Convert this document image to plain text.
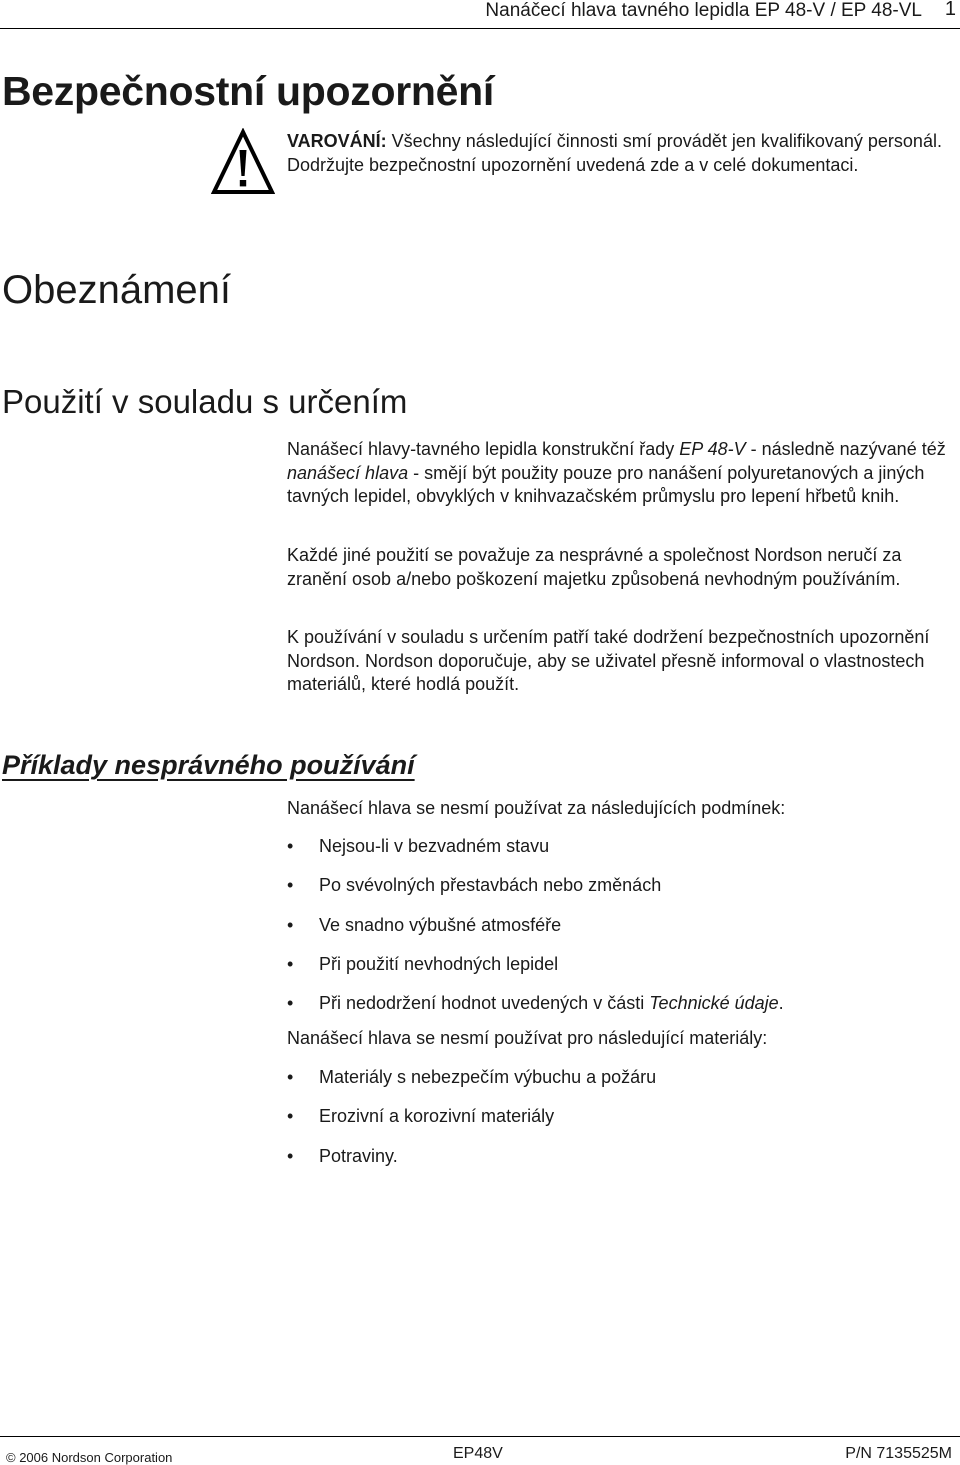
Nanáčecí hlava tavného lepidla EP 48-V / EP 48-VL 1
Bezpečnostní upozornění
VAROVÁNÍ: Všechny následující činnosti smí provádět jen kvalifikovaný personál. Dodržujte bezpečnostní upozornění uvedená zde a v celé dokumentaci.
Obeznámení
Použití v souladu s určením
Nanášecí hlavy-tavného lepidla konstrukční řady EP 48-V - následně nazývané též nanášecí hlava - smějí být použity pouze pro nanášení polyuretanových a jiných tavných lepidel, obvyklých v knihvazačském průmyslu pro lepení hřbetů knih.
Každé jiné použití se považuje za nesprávné a společnost Nordson neručí za zranění osob a/nebo poškození majetku způsobená nevhodným používáním.
K používání v souladu s určením patří také dodržení bezpečnostních upozornění Nordson. Nordson doporučuje, aby se uživatel přesně informoval o vlastnostech materiálů, které hodlá použít.
Příklady nesprávného používání
Nanášecí hlava se nesmí používat za následujících podmínek:
• Nejsou-li v bezvadném stavu
• Po svévolných přestavbách nebo změnách
• Ve snadno výbušné atmosféře
• Při použití nevhodných lepidel
• Při nedodržení hodnot uvedených v části Technické údaje.
Nanášecí hlava se nesmí používat pro následující materiály:
• Materiály s nebezpečím výbuchu a požáru
• Erozivní a korozivní materiály
• Potraviny.
© 2006 Nordson Corporation	EP48V	P/N 7135525M
